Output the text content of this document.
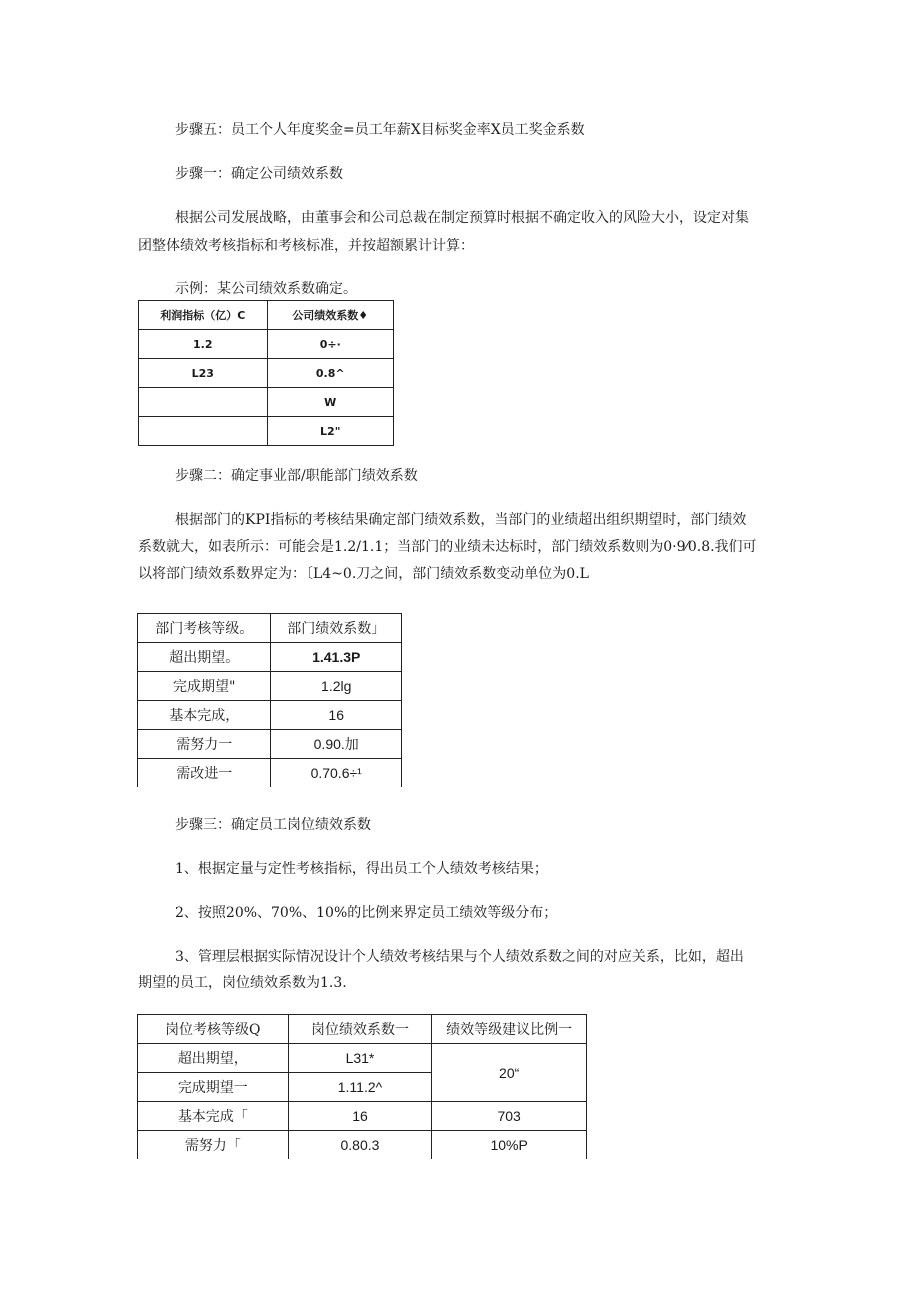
步骤五：员工个人年度奖金=员工年薪X目标奖金率X员工奖金系数
步骤一：确定公司绩效系数
根据公司发展战略，由董事会和公司总裁在制定预算时根据不确定收入的风险大小，设定对集
团整体绩效考核指标和考核标准，并按超额累计计算：
示例：某公司绩效系数确定。
利润指标（亿）C	公司绩效系数♦
1.2	0÷·
L23	0.8^
	W
	L2"
步骤二：确定事业部/职能部门绩效系数
根据部门的KPI指标的考核结果确定部门绩效系数，当部门的业绩超出组织期望时，部门绩效
系数就大，如表所示：可能会是1.2/1.1；当部门的业绩未达标时，部门绩效系数则为0·9⁄0.8.我们可
以将部门绩效系数界定为：〔L4~0.刀之间，部门绩效系数变动单位为0.L
部门考核等级。	部门绩效系数」
超出期望。	1.41.3P
完成期望"	1.2lg
基本完成，	16
需努力一	0.90.加
需改进一	0.70.6÷¹
步骤三：确定员工岗位绩效系数
1、根据定量与定性考核指标，得出员工个人绩效考核结果；
2、按照20%、70%、10%的比例来界定员工绩效等级分布；
3、管理层根据实际情况设计个人绩效考核结果与个人绩效系数之间的对应关系，比如，超出
期望的员工，岗位绩效系数为1.3.
岗位考核等级Q	岗位绩效系数一	绩效等级建议比例一
超出期望，	L31*	20“
完成期望一	1.11.2^	
基本完成「	16	703
需努力「	0.80.3	10%P
